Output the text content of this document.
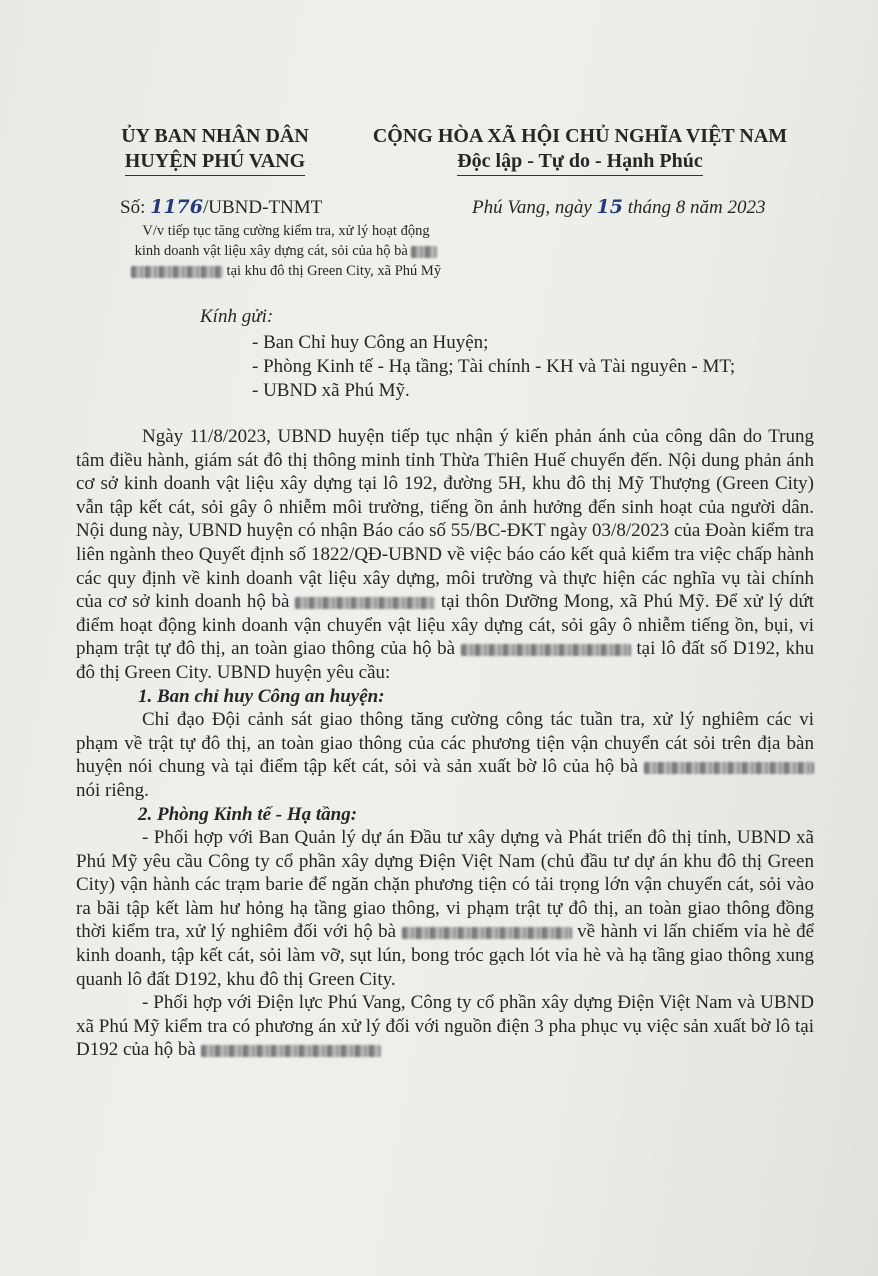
ỦY BAN NHÂN DÂN
HUYỆN PHÚ VANG
CỘNG HÒA XÃ HỘI CHỦ NGHĨA VIỆT NAM
Độc lập - Tự do - Hạnh Phúc
Số: 1176/UBND-TNMT	Phú Vang, ngày 15 tháng 8 năm 2023
V/v tiếp tục tăng cường kiểm tra, xử lý hoạt động
kinh doanh vật liệu xây dựng cát, sỏi của hộ bà
tại khu đô thị Green City, xã Phú Mỹ
Kính gửi:
- Ban Chỉ huy Công an Huyện;
- Phòng Kinh tế - Hạ tầng; Tài chính - KH và Tài nguyên - MT;
- UBND xã Phú Mỹ.

Ngày 11/8/2023, UBND huyện tiếp tục nhận ý kiến phản ánh của công dân do Trung tâm điều hành, giám sát đô thị thông minh tỉnh Thừa Thiên Huế chuyển đến. Nội dung phản ánh cơ sở kinh doanh vật liệu xây dựng tại lô 192, đường 5H, khu đô thị Mỹ Thượng (Green City) vẫn tập kết cát, sỏi gây ô nhiễm môi trường, tiếng ồn ảnh hưởng đến sinh hoạt của người dân. Nội dung này, UBND huyện có nhận Báo cáo số 55/BC-ĐKT ngày 03/8/2023 của Đoàn kiểm tra liên ngành theo Quyết định số 1822/QĐ-UBND về việc báo cáo kết quả kiểm tra việc chấp hành các quy định về kinh doanh vật liệu xây dựng, môi trường và thực hiện các nghĩa vụ tài chính của cơ sở kinh doanh hộ bà	tại thôn Dưỡng Mong, xã Phú Mỹ. Để xử lý dứt điểm hoạt động kinh doanh vận chuyển vật liệu xây dựng cát, sỏi gây ô nhiễm tiếng ồn, bụi, vi phạm trật tự đô thị, an toàn giao thông của hộ bà	tại lô đất số D192, khu đô thị Green City. UBND huyện yêu cầu:

1. Ban chỉ huy Công an huyện:

Chỉ đạo Đội cảnh sát giao thông tăng cường công tác tuần tra, xử lý nghiêm các vi phạm về trật tự đô thị, an toàn giao thông của các phương tiện vận chuyển cát sỏi trên địa bàn huyện nói chung và tại điểm tập kết cát, sỏi và sản xuất bờ lô của hộ bà  nói riêng.

2. Phòng Kinh tế - Hạ tầng:

- Phối hợp với Ban Quản lý dự án Đầu tư xây dựng và Phát triển đô thị tỉnh, UBND xã Phú Mỹ yêu cầu Công ty cổ phần xây dựng Điện Việt Nam (chủ đầu tư dự án khu đô thị Green City) vận hành các trạm barie để ngăn chặn phương tiện có tải trọng lớn vận chuyển cát, sỏi vào ra bãi tập kết làm hư hỏng hạ tầng giao thông, vi phạm trật tự đô thị, an toàn giao thông đồng thời kiểm tra, xử lý nghiêm đối với hộ bà	về hành vi lấn chiếm vỉa hè để kinh doanh, tập kết cát, sỏi làm vỡ, sụt lún, bong tróc gạch lót vỉa hè và hạ tầng giao thông xung quanh lô đất D192, khu đô thị Green City.

- Phối hợp với Điện lực Phú Vang, Công ty cổ phần xây dựng Điện Việt Nam và UBND xã Phú Mỹ kiểm tra có phương án xử lý đối với nguồn điện 3 pha phục vụ việc sản xuất bờ lô tại D192 của hộ bà
